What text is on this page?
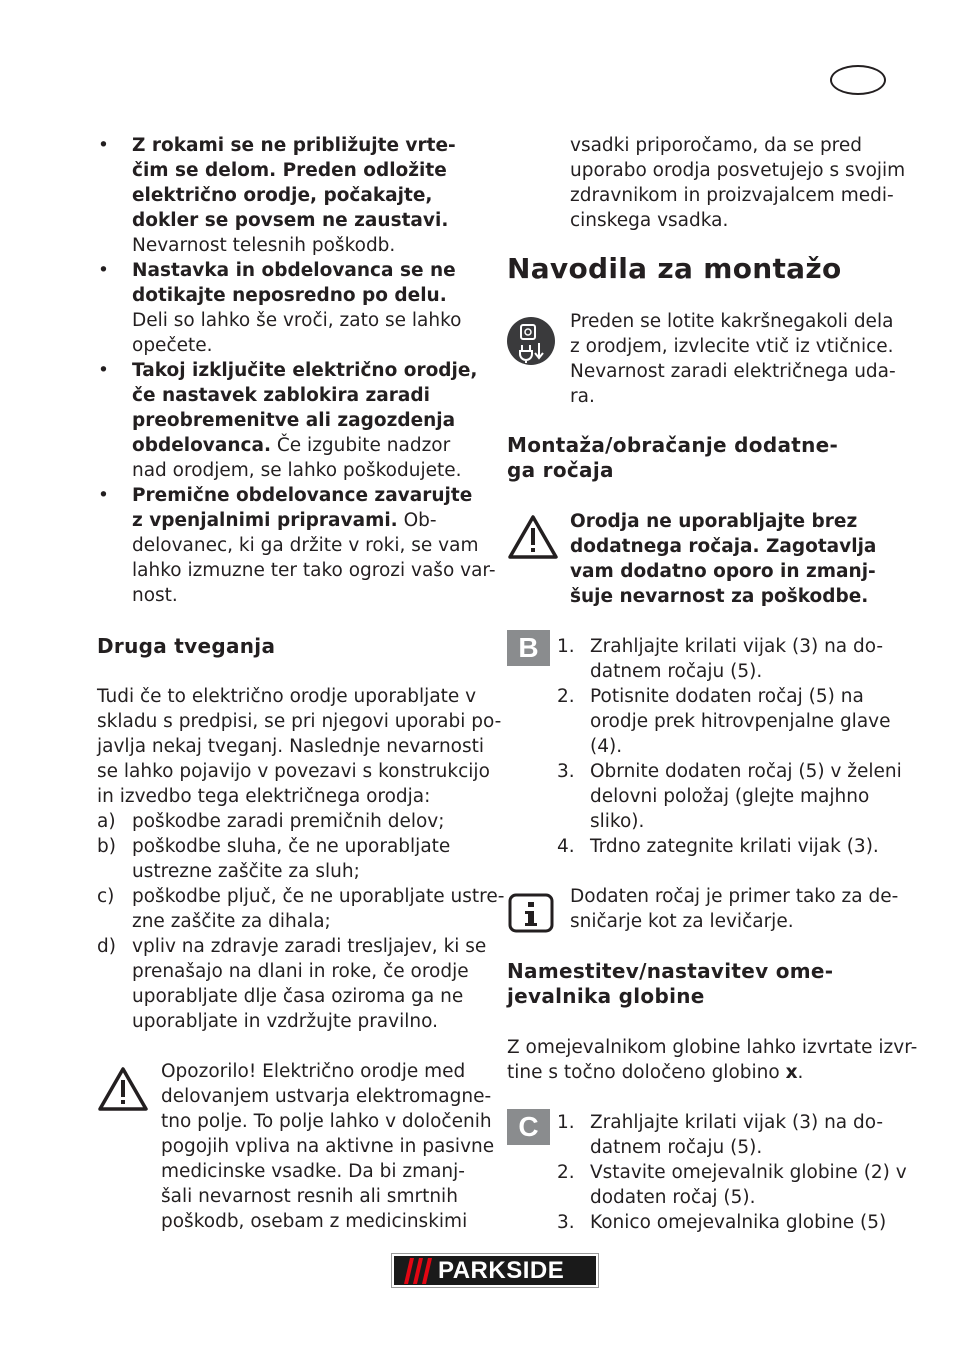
• Z rokami se ne približujte vrte-
čim se delom. Preden odložite
električno orodje, počakajte,
dokler se povsem ne zaustavi.
Nevarnost telesnih poškodb.
• Nastavka in obdelovanca se ne
dotikajte neposredno po delu.
Deli so lahko še vroči, zato se lahko
opečete.
• Takoj izključite električno orodje,
če nastavek zablokira zaradi
preobremenitve ali zagozdenja
obdelovanca. Če izgubite nadzor
nad orodjem, se lahko poškodujete.
• Premične obdelovance zavarujte
z vpenjalnimi pripravami. Ob-
delovanec, ki ga držite v roki, se vam
lahko izmuzne ter tako ogrozi vašo var-
nost.
Druga tveganja
Tudi če to električno orodje uporabljate v
skladu s predpisi, se pri njegovi uporabi po-
javlja nekaj tveganj. Naslednje nevarnosti
se lahko pojavijo v povezavi s konstrukcijo
in izvedbo tega električnega orodja:
a) poškodbe zaradi premičnih delov;
b) poškodbe sluha, če ne uporabljate
ustrezne zaščite za sluh;
c) poškodbe pljuč, če ne uporabljate ustre-
zne zaščite za dihala;
d) vpliv na zdravje zaradi tresljajev, ki se
prenašajo na dlani in roke, če orodje
uporabljate dlje časa oziroma ga ne
uporabljate in vzdržujte pravilno.
Opozorilo! Električno orodje med
delovanjem ustvarja elektromagne-
tno polje. To polje lahko v določenih
pogojih vpliva na aktivne in pasivne
medicinske vsadke. Da bi zmanj-
šali nevarnost resnih ali smrtnih
poškodb, osebam z medicinskimi
vsadki priporočamo, da se pred
uporabo orodja posvetujejo s svojim
zdravnikom in proizvajalcem medi-
cinskega vsadka.
Navodila za montažo
Preden se lotite kakršnegakoli dela
z orodjem, izvlecite vtič iz vtičnice.
Nevarnost zaradi električnega uda-
ra.
Montaža/obračanje dodatne-
ga ročaja
Orodja ne uporabljajte brez
dodatnega ročaja. Zagotavlja
vam dodatno oporo in zmanj-
šuje nevarnost za poškodbe.
B 1. Zrahljajte krilati vijak (3) na do-
datnem ročaju (5).
2. Potisnite dodaten ročaj (5) na
orodje prek hitrovpenjalne glave
(4).
3. Obrnite dodaten ročaj (5) v želeni
delovni položaj (glejte majhno
sliko).
4. Trdno zategnite krilati vijak (3).
Dodaten ročaj je primer tako za de-
sničarje kot za levičarje.
Namestitev/nastavitev ome-
jevalnika globine
Z omejevalnikom globine lahko izvrtate izvr-
tine s točno določeno globino x.
C 1. Zrahljajte krilati vijak (3) na do-
datnem ročaju (5).
2. Vstavite omejevalnik globine (2) v
dodaten ročaj (5).
3. Konico omejevalnika globine (5)
PARKSIDE
